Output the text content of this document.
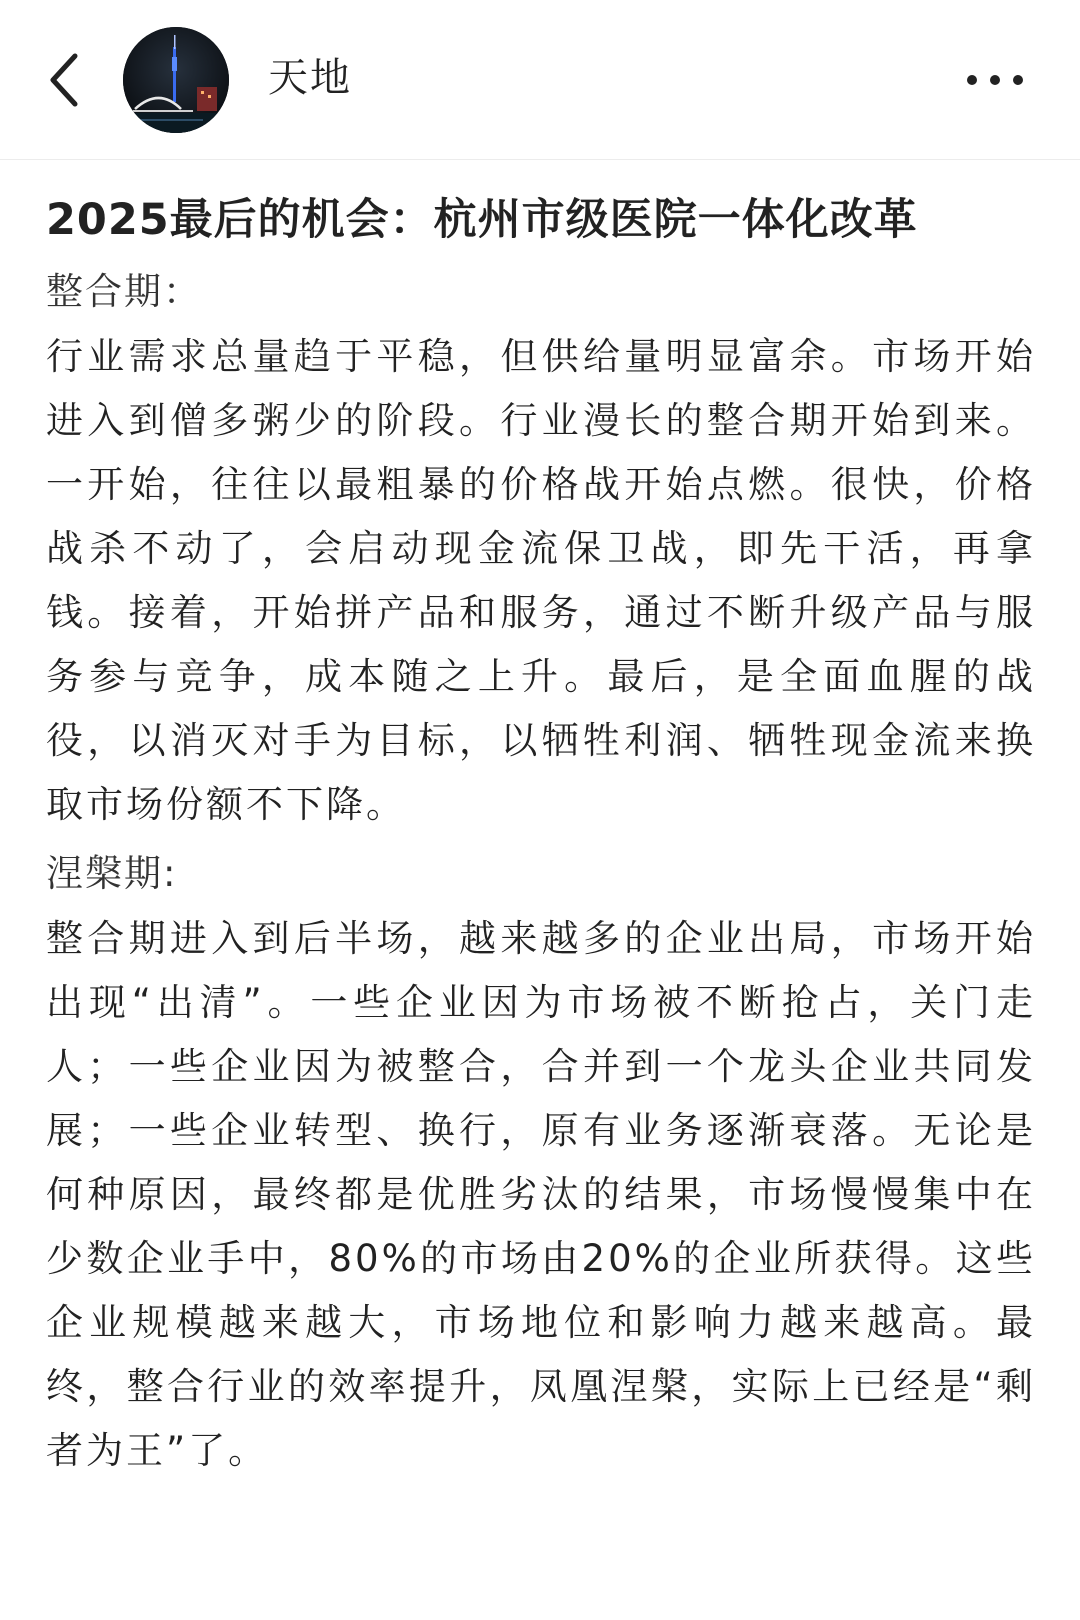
天地
2025最后的机会：杭州市级医院一体化改革
整合期：

行业需求总量趋于平稳，但供给量明显富余。市场开始进入到僧多粥少的阶段。行业漫长的整合期开始到来。一开始，往往以最粗暴的价格战开始点燃。很快，价格战杀不动了，会启动现金流保卫战，即先干活，再拿钱。接着，开始拼产品和服务，通过不断升级产品与服务参与竞争，成本随之上升。最后，是全面血腥的战役，以消灭对手为目标，以牺牲利润、牺牲现金流来换取市场份额不下降。

涅槃期:

整合期进入到后半场，越来越多的企业出局，市场开始出现“出清”。一些企业因为市场被不断抢占，关门走人；一些企业因为被整合，合并到一个龙头企业共同发展；一些企业转型、换行，原有业务逐渐衰落。无论是何种原因，最终都是优胜劣汰的结果，市场慢慢集中在少数企业手中，80%的市场由20%的企业所获得。这些企业规模越来越大，市场地位和影响力越来越高。最终，整合行业的效率提升，凤凰涅槃，实际上已经是“剩者为王”了。
